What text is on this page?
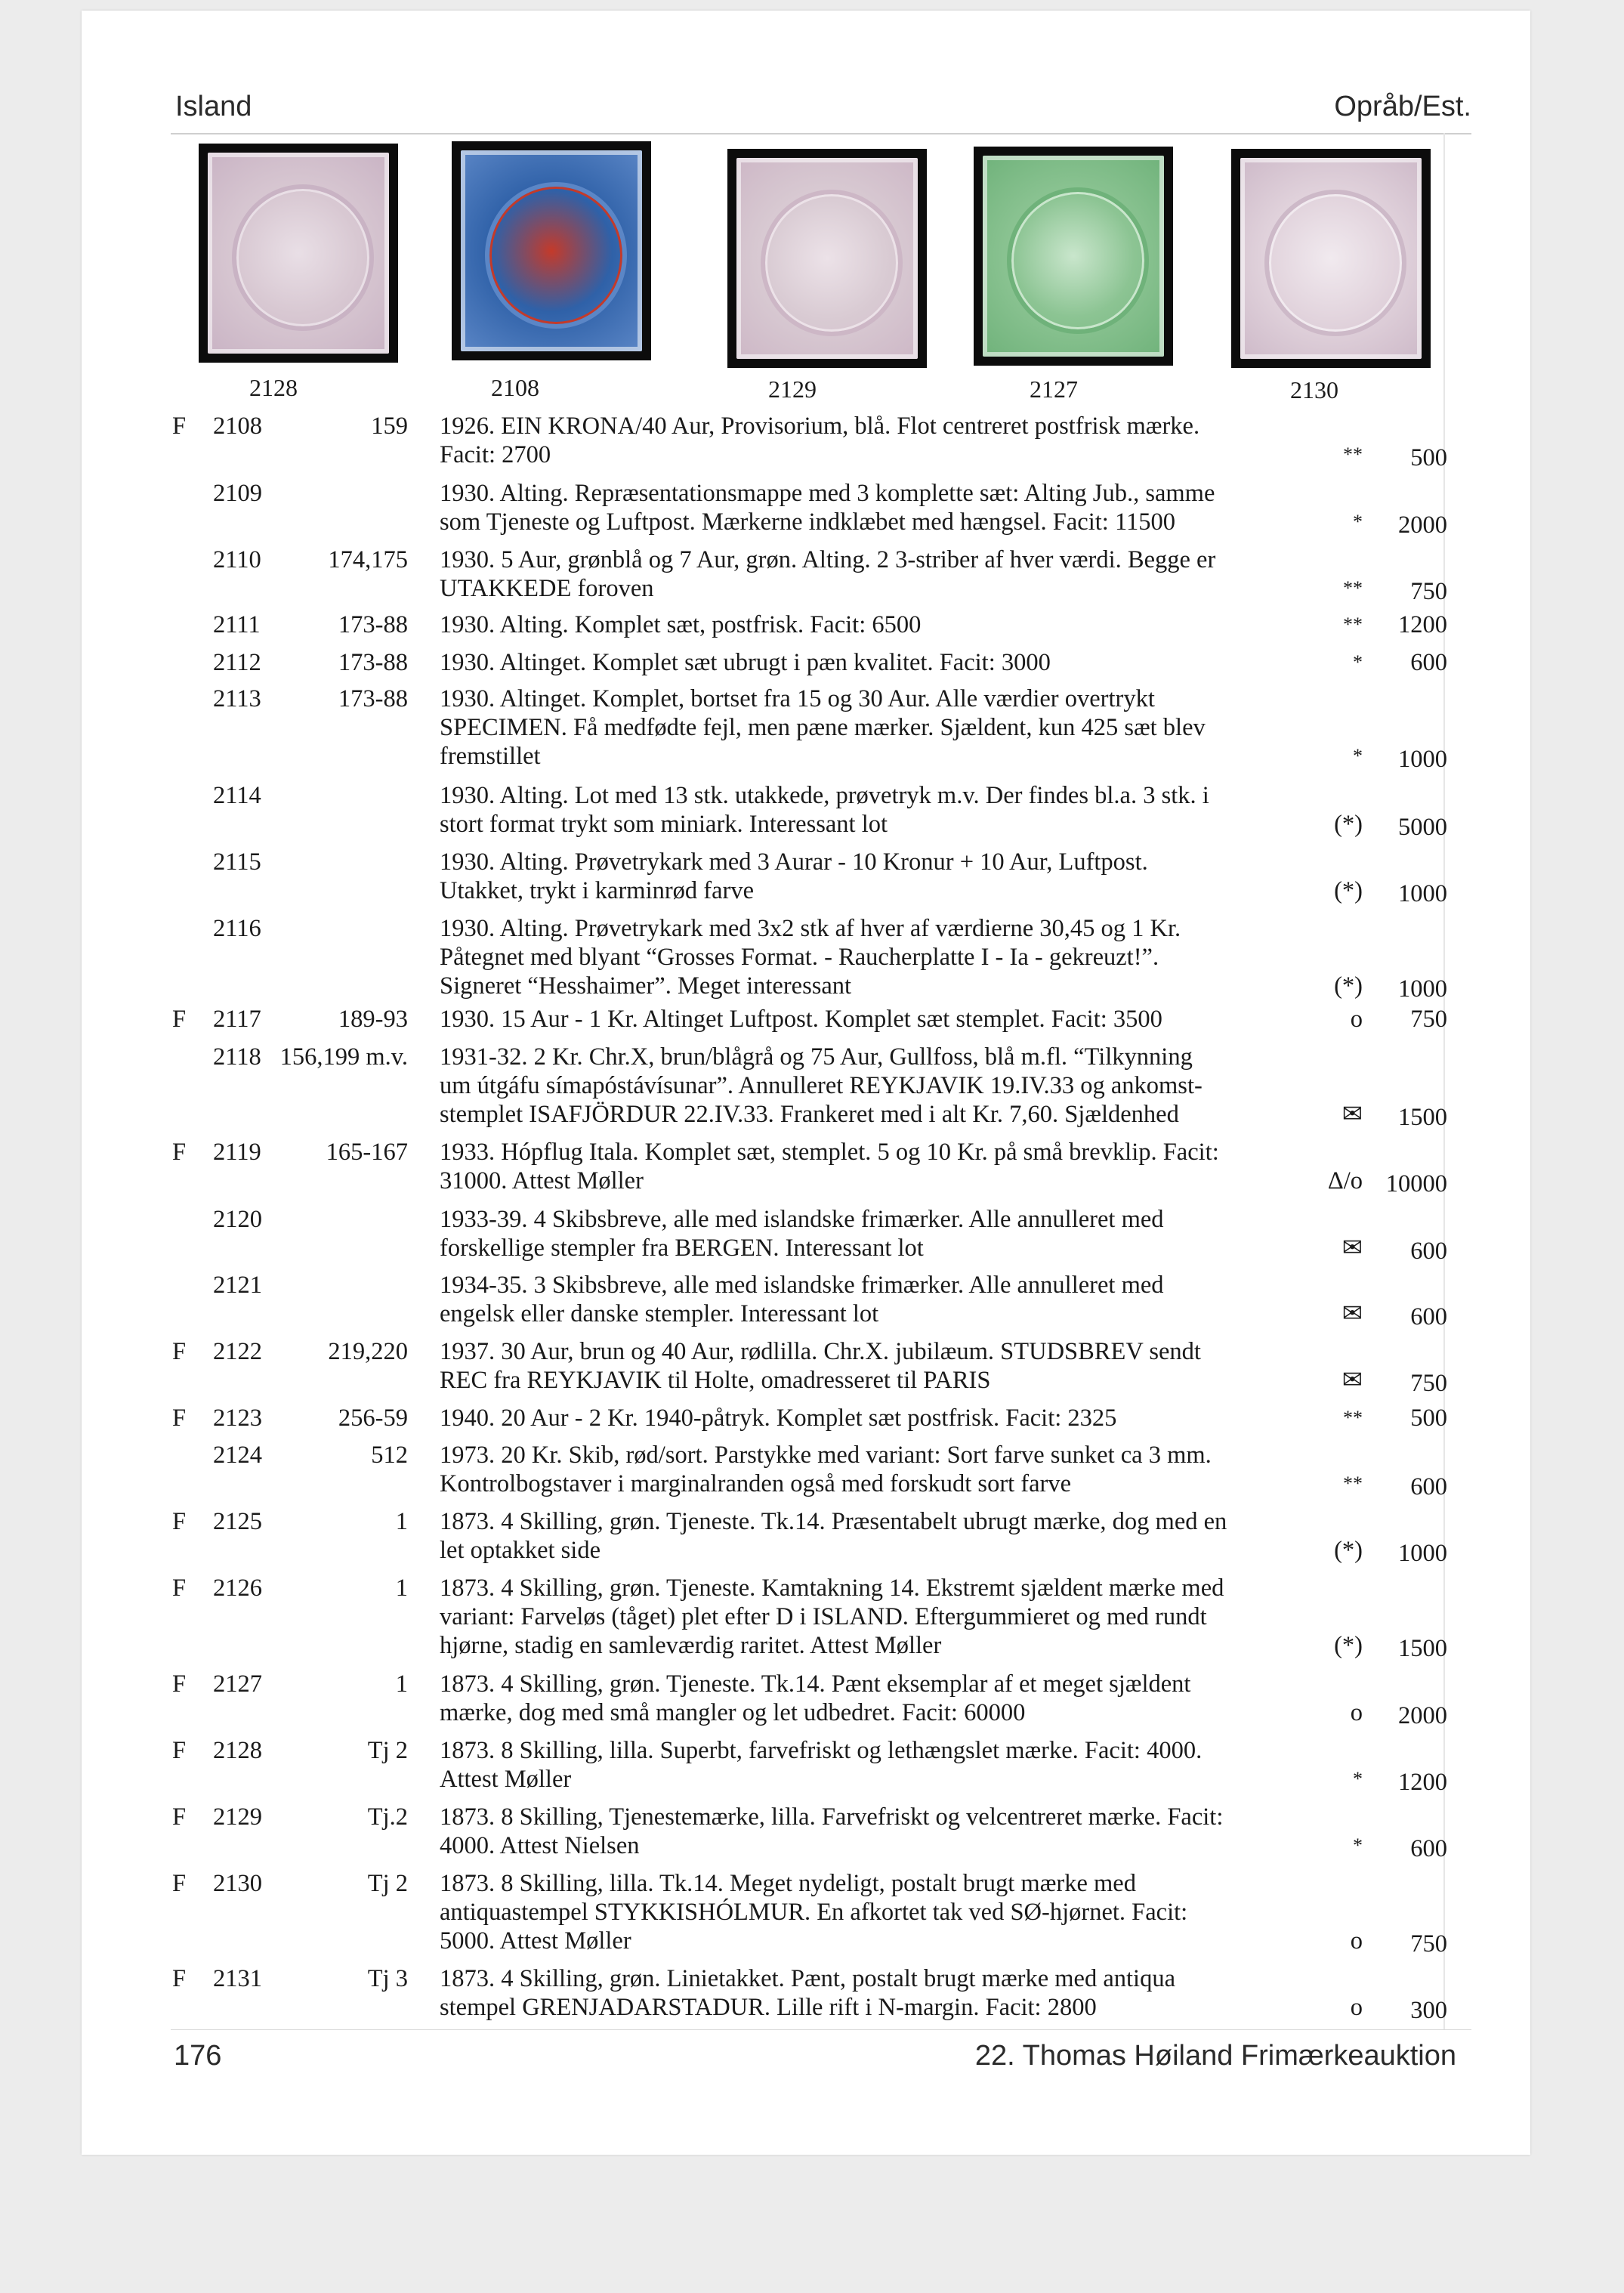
Island	Opråb/Est.
2128	2108	2129	2127	2130
F 2108	159 1926. EIN KRONA/40 Aur, Provisorium, blå. Flot centreret postfrisk mærke.
Facit: 2700	**	500
2109	1930. Alting. Repræsentationsmappe med 3 komplette sæt: Alting Jub., samme
som Tjeneste og Luftpost. Mærkerne indklæbet med hængsel. Facit: 11500	*	2000
2110	174,175 1930. 5 Aur, grønblå og 7 Aur, grøn. Alting. 2 3-striber af hver værdi. Begge er
UTAKKEDE foroven	**	750
2111	173-88 1930. Alting. Komplet sæt, postfrisk. Facit: 6500	**	1200
2112	173-88 1930. Altinget. Komplet sæt ubrugt i pæn kvalitet. Facit: 3000	*	600
2113	173-88 1930. Altinget. Komplet, bortset fra 15 og 30 Aur. Alle værdier overtrykt
SPECIMEN. Få medfødte fejl, men pæne mærker. Sjældent, kun 425 sæt blev
fremstillet	*	1000
2114	1930. Alting. Lot med 13 stk. utakkede, prøvetryk m.v. Der findes bl.a. 3 stk. i
stort format trykt som miniark. Interessant lot	(*)	5000
2115	1930. Alting. Prøvetrykark med 3 Aurar - 10 Kronur + 10 Aur, Luftpost.
Utakket, trykt i karminrød farve	(*)	1000
2116	1930. Alting. Prøvetrykark med 3x2 stk af hver af værdierne 30,45 og 1 Kr.
Påtegnet med blyant “Grosses Format. - Raucherplatte I - Ia - gekreuzt!”.
Signeret “Hesshaimer”. Meget interessant	(*)	1000
F 2117	189-93 1930. 15 Aur - 1 Kr. Altinget Luftpost. Komplet sæt stemplet. Facit: 3500	o	750
2118 156,199 m.v. 1931-32. 2 Kr. Chr.X, brun/blågrå og 75 Aur, Gullfoss, blå m.fl. “Tilkynning
um útgáfu símapóstávísunar”. Annulleret REYKJAVIK 19.IV.33 og ankomst-
stemplet ISAFJÖRDUR 22.IV.33. Frankeret med i alt Kr. 7,60. Sjældenhed	✉	1500
F 2119	165-167 1933. Hópflug Itala. Komplet sæt, stemplet. 5 og 10 Kr. på små brevklip. Facit:
31000. Attest Møller	Δ/o 10000
2120	1933-39. 4 Skibsbreve, alle med islandske frimærker. Alle annulleret med
forskellige stempler fra BERGEN. Interessant lot	✉	600
2121	1934-35. 3 Skibsbreve, alle med islandske frimærker. Alle annulleret med
engelsk eller danske stempler. Interessant lot	✉	600
F 2122	219,220 1937. 30 Aur, brun og 40 Aur, rødlilla. Chr.X. jubilæum. STUDSBREV sendt
REC fra REYKJAVIK til Holte, omadresseret til PARIS	✉	750
F 2123	256-59 1940. 20 Aur - 2 Kr. 1940-påtryk. Komplet sæt postfrisk. Facit: 2325	**	500
2124	512 1973. 20 Kr. Skib, rød/sort. Parstykke med variant: Sort farve sunket ca 3 mm.
Kontrolbogstaver i marginalranden også med forskudt sort farve	**	600
F 2125	1 1873. 4 Skilling, grøn. Tjeneste. Tk.14. Præsentabelt ubrugt mærke, dog med en
let optakket side	(*)	1000
F 2126	1 1873. 4 Skilling, grøn. Tjeneste. Kamtakning 14. Ekstremt sjældent mærke med
variant: Farveløs (tåget) plet efter D i ISLAND. Eftergummieret og med rundt
hjørne, stadig en samleværdig raritet. Attest Møller	(*)	1500
F 2127	1 1873. 4 Skilling, grøn. Tjeneste. Tk.14. Pænt eksemplar af et meget sjældent
mærke, dog med små mangler og let udbedret. Facit: 60000	o	2000
F 2128	Tj 2 1873. 8 Skilling, lilla. Superbt, farvefriskt og lethængslet mærke. Facit: 4000.
Attest Møller	*	1200
F 2129	Tj.2 1873. 8 Skilling, Tjenestemærke, lilla. Farvefriskt og velcentreret mærke. Facit:
4000. Attest Nielsen	*	600
F 2130	Tj 2 1873. 8 Skilling, lilla. Tk.14. Meget nydeligt, postalt brugt mærke med
antiquastempel STYKKISHÓLMUR. En afkortet tak ved SØ-hjørnet. Facit:
5000. Attest Møller	o	750
F 2131	Tj 3 1873. 4 Skilling, grøn. Linietakket. Pænt, postalt brugt mærke med antiqua
stempel GRENJADARSTADUR. Lille rift i N-margin. Facit: 2800	o	300
176	22. Thomas Høiland Frimærkeauktion
